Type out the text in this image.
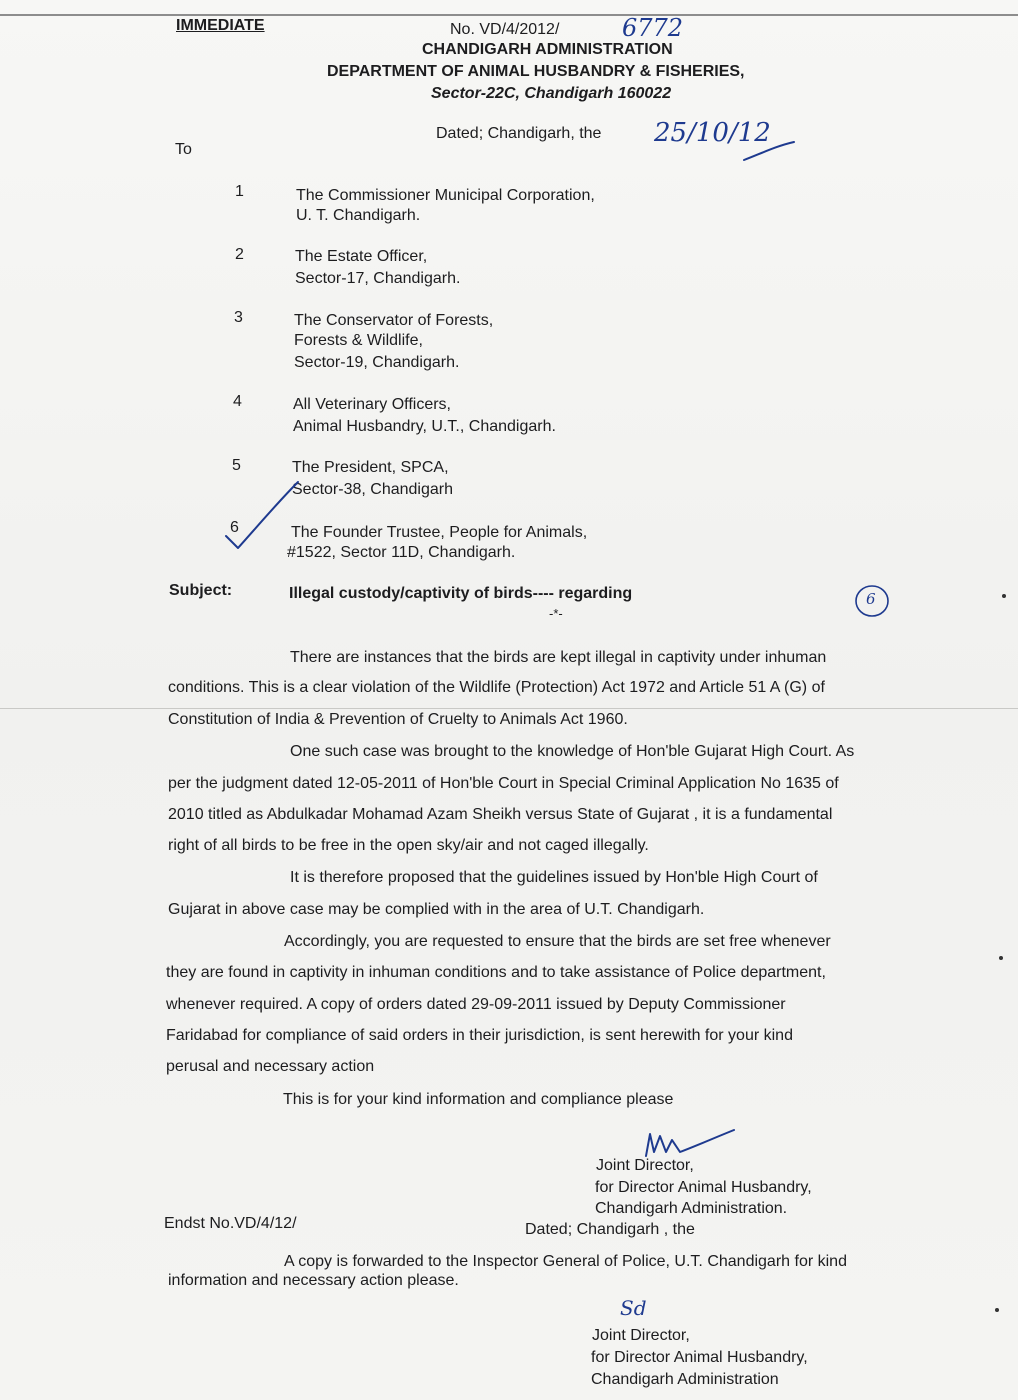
IMMEDIATE	No. VD/4/2012/	6772
CHANDIGARH ADMINISTRATION
DEPARTMENT OF ANIMAL HUSBANDRY & FISHERIES,
Sector-22C, Chandigarh 160022
Dated; Chandigarh, the 25/10/12
To
1	The Commissioner Municipal Corporation,
U. T. Chandigarh.
2	The Estate Officer,
Sector-17, Chandigarh.
3	The Conservator of Forests,
Forests & Wildlife,
Sector-19, Chandigarh.
4	All Veterinary Officers,
Animal Husbandry, U.T., Chandigarh.
5	The President, SPCA,
Sector-38, Chandigarh
6	The Founder Trustee, People for Animals,
#1522, Sector 11D, Chandigarh.
Subject:	Illegal custody/captivity of birds---- regarding
-*-
6
There are instances that the birds are kept illegal in captivity under inhuman
conditions. This is a clear violation of the Wildlife (Protection) Act 1972 and Article 51 A (G) of
Constitution of India & Prevention of Cruelty to Animals Act 1960.
One such case was brought to the knowledge of Hon'ble Gujarat High Court. As
per the judgment dated 12-05-2011 of Hon'ble Court in Special Criminal Application No 1635 of
2010 titled as Abdulkadar Mohamad Azam Sheikh versus State of Gujarat , it is a fundamental
right of all birds to be free in the open sky/air and not caged illegally.
It is therefore proposed that the guidelines issued by Hon'ble High Court of
Gujarat in above case may be complied with in the area of U.T. Chandigarh.
Accordingly, you are requested to ensure that the birds are set free whenever
they are found in captivity in inhuman conditions and to take assistance of Police department,
whenever required. A copy of orders dated 29-09-2011 issued by Deputy Commissioner
Faridabad for compliance of said orders in their jurisdiction, is sent herewith for your kind
perusal and necessary action
This is for your kind information and compliance please
Joint Director,
for Director Animal Husbandry,
Chandigarh Administration.
Endst No.VD/4/12/	Dated; Chandigarh , the
A copy is forwarded to the Inspector General of Police, U.T. Chandigarh for kind
information and necessary action please.
Sd
Joint Director,
for Director Animal Husbandry,
Chandigarh Administration
